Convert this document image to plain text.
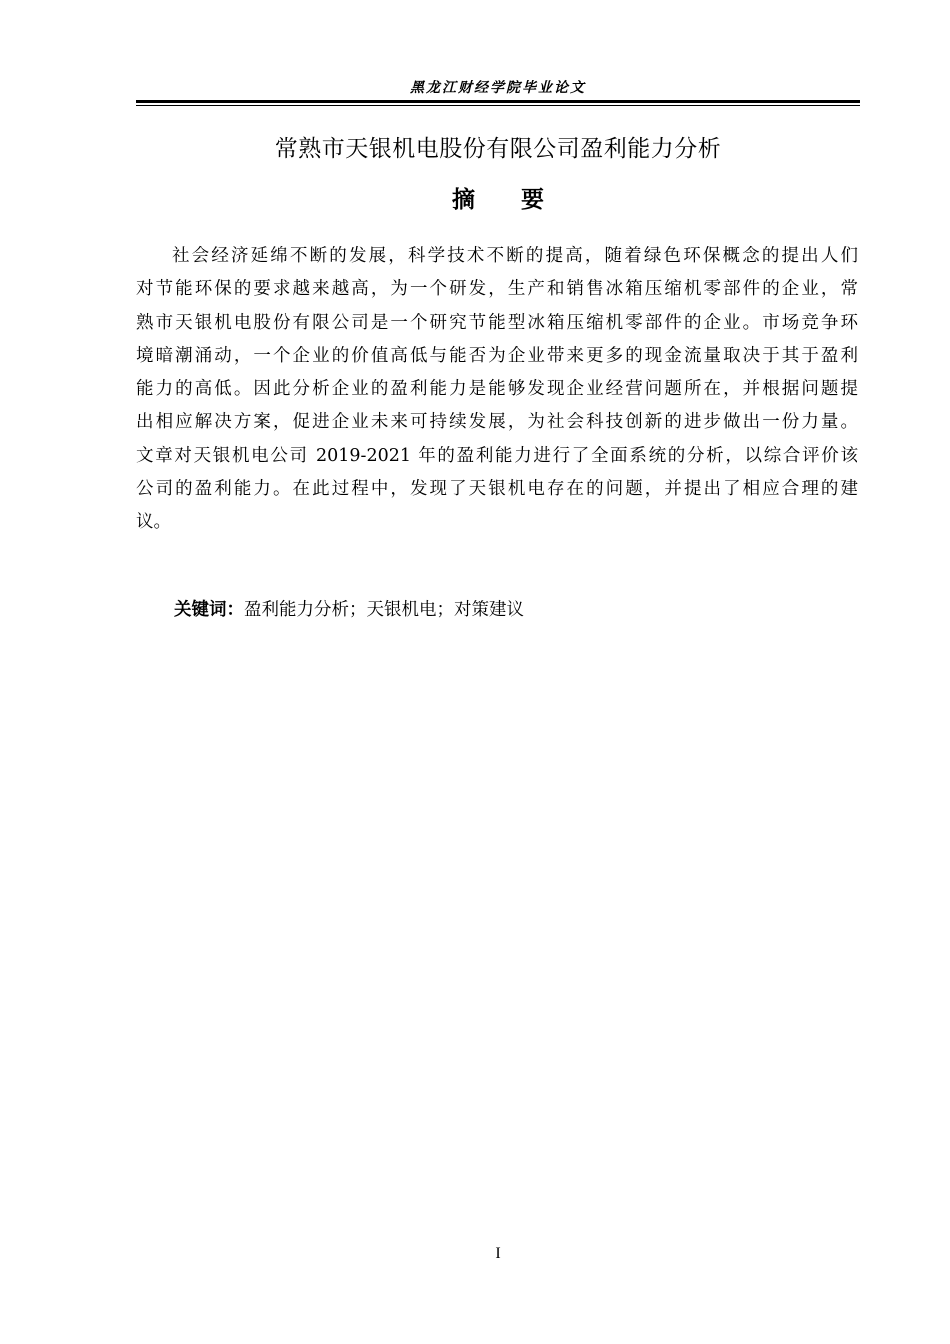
黑龙江财经学院毕业论文
常熟市天银机电股份有限公司盈利能力分析
摘要
社会经济延绵不断的发展，科学技术不断的提高，随着绿色环保概念的提出人们
对节能环保的要求越来越高，为一个研发，生产和销售冰箱压缩机零部件的企业，常
熟市天银机电股份有限公司是一个研究节能型冰箱压缩机零部件的企业。市场竞争环
境暗潮涌动，一个企业的价值高低与能否为企业带来更多的现金流量取决于其于盈利
能力的高低。因此分析企业的盈利能力是能够发现企业经营问题所在，并根据问题提
出相应解决方案，促进企业未来可持续发展，为社会科技创新的进步做出一份力量。
文章对天银机电公司 2019-2021 年的盈利能力进行了全面系统的分析，以综合评价该
公司的盈利能力。在此过程中，发现了天银机电存在的问题，并提出了相应合理的建
议。
关键词：盈利能力分析；天银机电；对策建议
I
